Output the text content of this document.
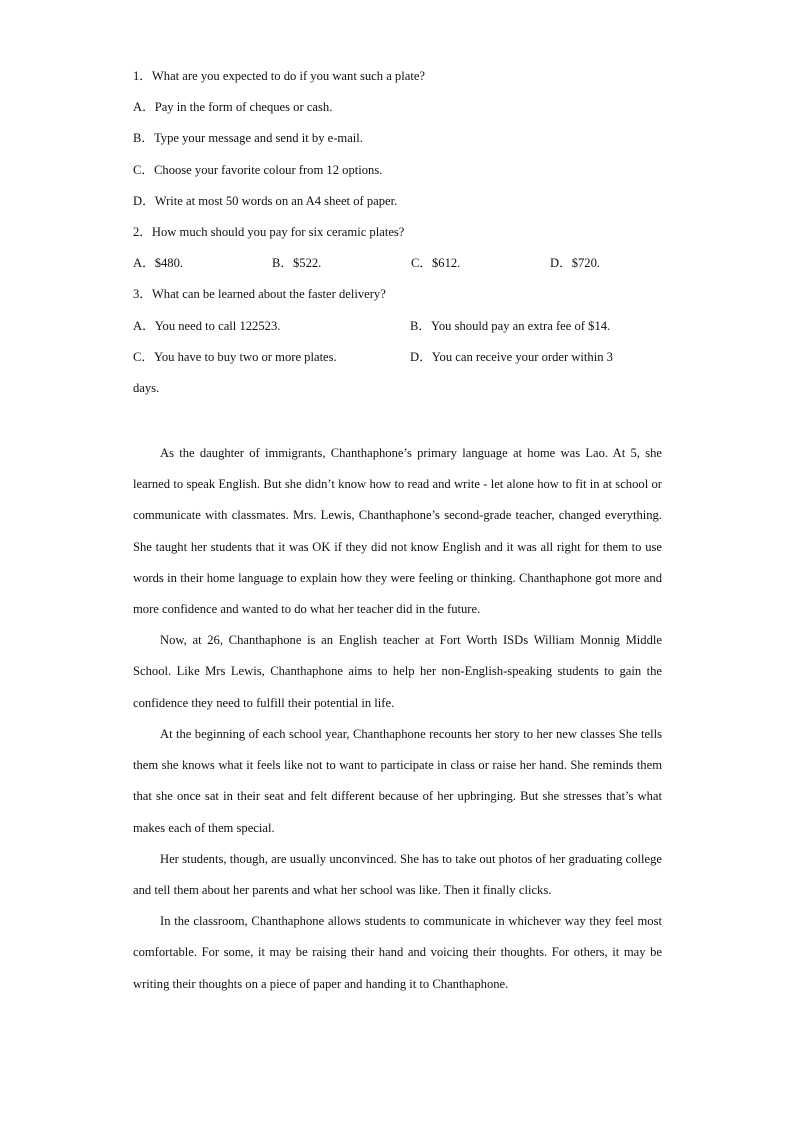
1．What are you expected to do if you want such a plate?
A．Pay in the form of cheques or cash.
B．Type your message and send it by e-mail.
C．Choose your favorite colour from 12 options.
D．Write at most 50 words on an A4 sheet of paper.
2．How much should you pay for six ceramic plates?
A．$480.	B．$522.	C．$612.	D．$720.
3．What can be learned about the faster delivery?
A．You need to call 122523.	B．You should pay an extra fee of $14.
C．You have to buy two or more plates.	D．You can receive your order within 3
days.

As the daughter of immigrants, Chanthaphone’s primary language at home was Lao. At 5, she learned to speak English. But she didn’t know how to read and write - let alone how to fit in at school or communicate with classmates. Mrs. Lewis, Chanthaphone’s second-grade teacher, changed everything. She taught her students that it was OK if they did not know English and it was all right for them to use words in their home language to explain how they were feeling or thinking. Chanthaphone got more and more confidence and wanted to do what her teacher did in the future.

Now, at 26, Chanthaphone is an English teacher at Fort Worth ISDs William Monnig Middle School. Like Mrs Lewis, Chanthaphone aims to help her non-English-speaking students to gain the confidence they need to fulfill their potential in life.

At the beginning of each school year, Chanthaphone recounts her story to her new classes She tells them she knows what it feels like not to want to participate in class or raise her hand. She reminds them that she once sat in their seat and felt different because of her upbringing. But she stresses that’s what makes each of them special.

Her students, though, are usually unconvinced. She has to take out photos of her graduating college and tell them about her parents and what her school was like. Then it finally clicks.

In the classroom, Chanthaphone allows students to communicate in whichever way they feel most comfortable. For some, it may be raising their hand and voicing their thoughts. For others, it may be writing their thoughts on a piece of paper and handing it to Chanthaphone.
